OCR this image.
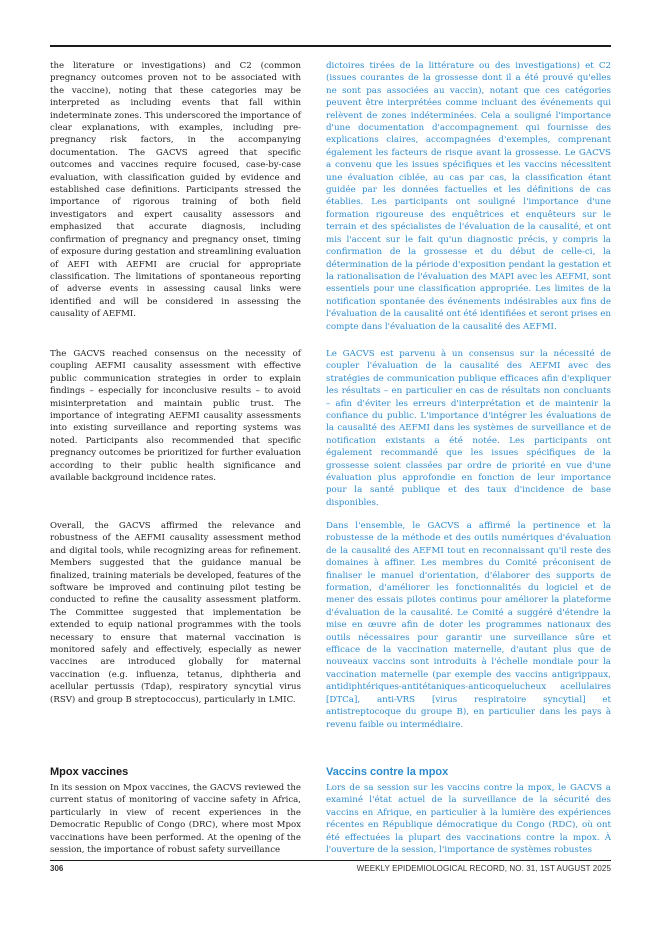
the literature or investigations) and C2 (common pregnancy outcomes proven not to be associated with the vaccine), noting that these categories may be interpreted as including events that fall within indeterminate zones. This underscored the importance of clear explanations, with examples, including pre-pregnancy risk factors, in the accompanying documentation. The GACVS agreed that specific outcomes and vaccines require focused, case-by-case evaluation, with classification guided by evidence and established case definitions. Participants stressed the importance of rigorous training of both field investigators and expert causality assessors and emphasized that accurate diagnosis, including confirmation of pregnancy and pregnancy onset, timing of exposure during gestation and streamlining evaluation of AEFI with AEFMI are crucial for appropriate classification. The limitations of spontaneous reporting of adverse events in assessing causal links were identified and will be considered in assessing the causality of AEFMI.

dictoires tirées de la littérature ou des investigations) et C2 (issues courantes de la grossesse dont il a été prouvé qu'elles ne sont pas associées au vaccin), notant que ces catégories peuvent être interprétées comme incluant des événements qui relèvent de zones indéterminées. Cela a souligné l'importance d'une documentation d'accompagnement qui fournisse des explications claires, accompagnées d'exemples, comprenant également les facteurs de risque avant la grossesse. Le GACVS a convenu que les issues spécifiques et les vaccins nécessitent une évaluation ciblée, au cas par cas, la classification étant guidée par les données factuelles et les définitions de cas établies. Les participants ont souligné l'importance d'une formation rigoureuse des enquêtrices et enquêteurs sur le terrain et des spécialistes de l'évaluation de la causalité, et ont mis l'accent sur le fait qu'un diagnostic précis, y compris la confirmation de la grossesse et du début de celle-ci, la détermination de la période d'exposition pendant la gestation et la rationalisation de l'évaluation des MAPI avec les AEFMI, sont essentiels pour une classification appropriée. Les limites de la notification spontanée des événements indésirables aux fins de l'évaluation de la causalité ont été identifiées et seront prises en compte dans l'évaluation de la causalité des AEFMI.

The GACVS reached consensus on the necessity of coupling AEFMI causality assessment with effective public communication strategies in order to explain findings – especially for inconclusive results – to avoid misinterpretation and maintain public trust. The importance of integrating AEFMI causality assessments into existing surveillance and reporting systems was noted. Participants also recommended that specific pregnancy outcomes be prioritized for further evaluation according to their public health significance and available background incidence rates.

Le GACVS est parvenu à un consensus sur la nécessité de coupler l'évaluation de la causalité des AEFMI avec des stratégies de communication publique efficaces afin d'expliquer les résultats – en particulier en cas de résultats non concluants – afin d'éviter les erreurs d'interprétation et de maintenir la confiance du public. L'importance d'intégrer les évaluations de la causalité des AEFMI dans les systèmes de surveillance et de notification existants a été notée. Les participants ont également recommandé que les issues spécifiques de la grossesse soient classées par ordre de priorité en vue d'une évaluation plus approfondie en fonction de leur importance pour la santé publique et des taux d'incidence de base disponibles.

Overall, the GACVS affirmed the relevance and robustness of the AEFMI causality assessment method and digital tools, while recognizing areas for refinement. Members suggested that the guidance manual be finalized, training materials be developed, features of the software be improved and continuing pilot testing be conducted to refine the causality assessment platform. The Committee suggested that implementation be extended to equip national programmes with the tools necessary to ensure that maternal vaccination is monitored safely and effectively, especially as newer vaccines are introduced globally for maternal vaccination (e.g. influenza, tetanus, diphtheria and acellular pertussis (Tdap), respiratory syncytial virus (RSV) and group B streptococcus), particularly in LMIC.

Dans l'ensemble, le GACVS a affirmé la pertinence et la robustesse de la méthode et des outils numériques d'évaluation de la causalité des AEFMI tout en reconnaissant qu'il reste des domaines à affiner. Les membres du Comité préconisent de finaliser le manuel d'orientation, d'élaborer des supports de formation, d'améliorer les fonctionnalités du logiciel et de mener des essais pilotes continus pour améliorer la plateforme d'évaluation de la causalité. Le Comité a suggéré d'étendre la mise en œuvre afin de doter les programmes nationaux des outils nécessaires pour garantir une surveillance sûre et efficace de la vaccination maternelle, d'autant plus que de nouveaux vaccins sont introduits à l'échelle mondiale pour la vaccination maternelle (par exemple des vaccins antigrippaux, antidiphtériques-antitétaniques-anticoquelucheux acellulaires [DTCa], anti-VRS [virus respiratoire syncytial] et antistreptocoque du groupe B), en particulier dans les pays à revenu faible ou intermédiaire.

Mpox vaccines	Vaccins contre la mpox

In its session on Mpox vaccines, the GACVS reviewed the current status of monitoring of vaccine safety in Africa, particularly in view of recent experiences in the Democratic Republic of Congo (DRC), where most Mpox vaccinations have been performed. At the opening of the session, the importance of robust safety surveillance

Lors de sa session sur les vaccins contre la mpox, le GACVS a examiné l'état actuel de la surveillance de la sécurité des vaccins en Afrique, en particulier à la lumière des expériences récentes en République démocratique du Congo (RDC), où ont été effectuées la plupart des vaccinations contre la mpox. À l'ouverture de la session, l'importance de systèmes robustes

306	WEEKLY EPIDEMIOLOGICAL RECORD, NO. 31, 1ST AUGUST 2025
